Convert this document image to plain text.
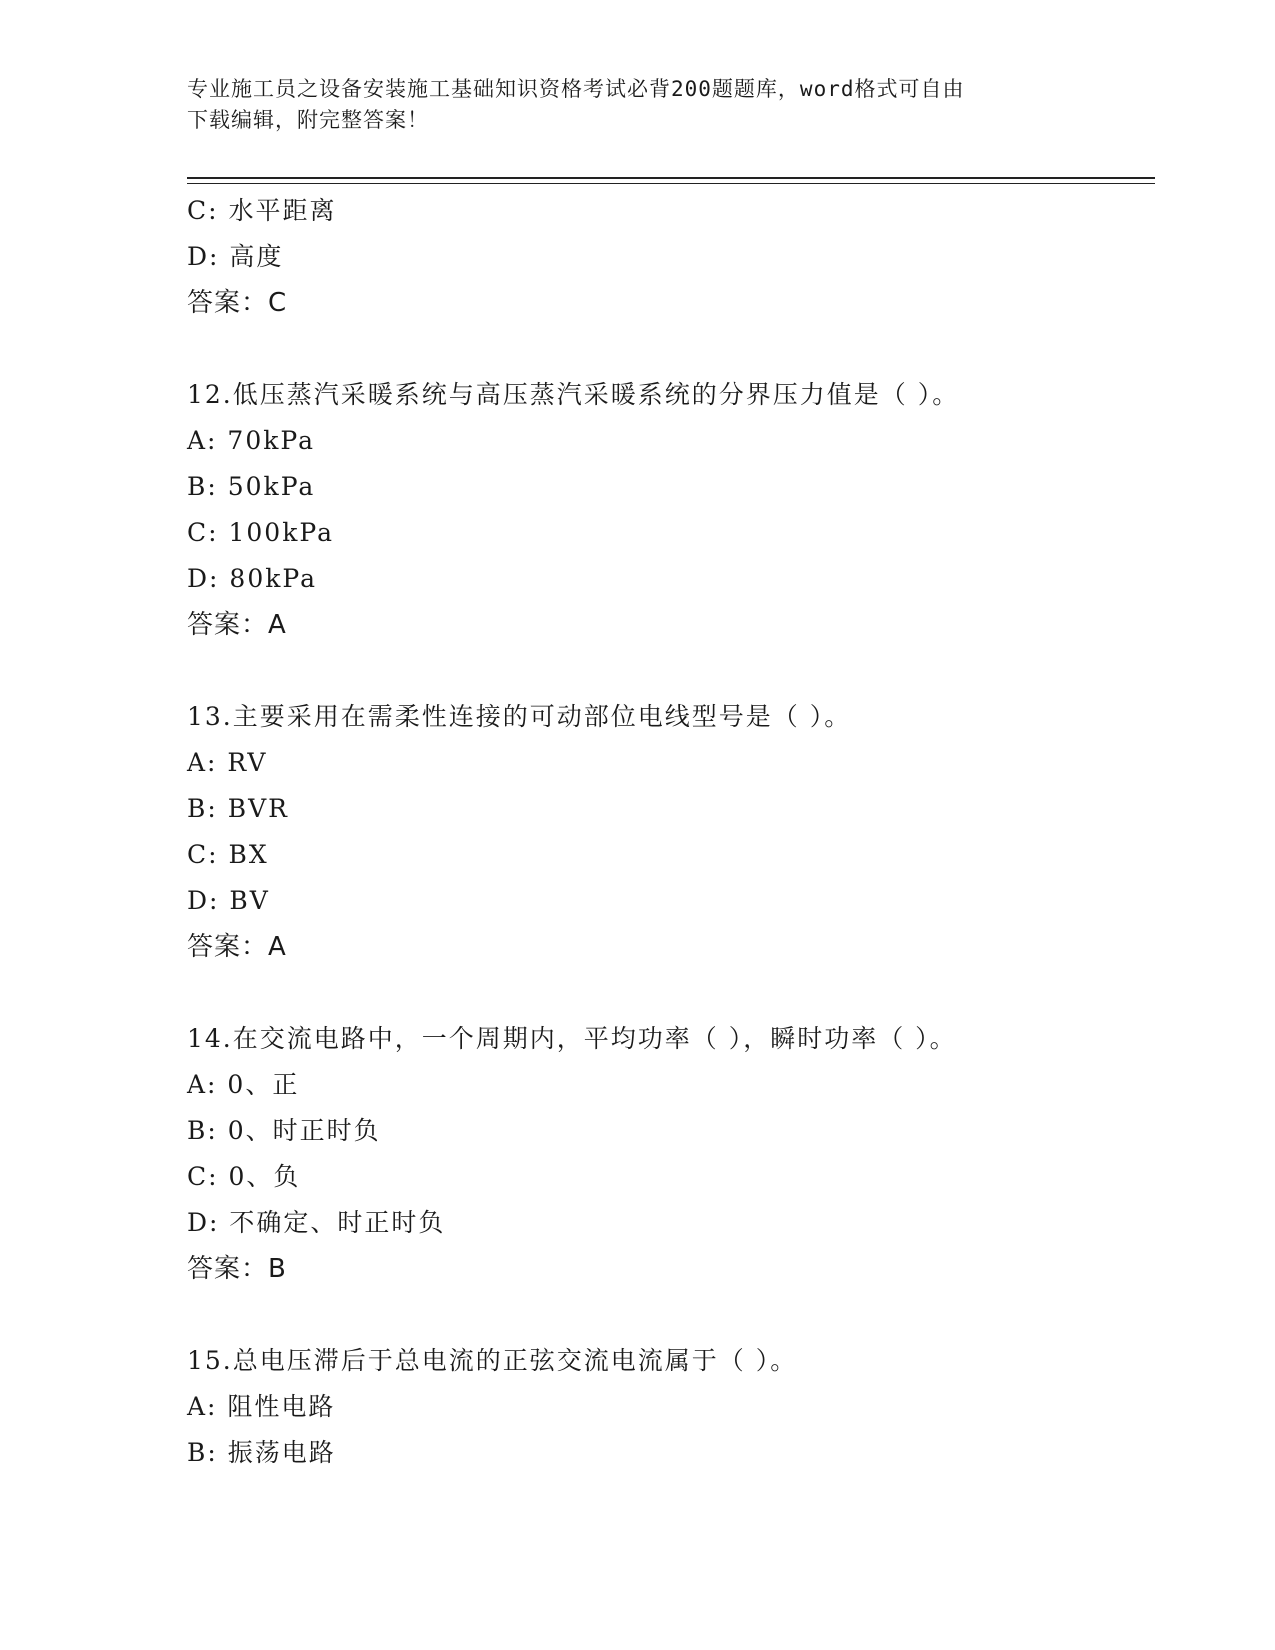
专业施工员之设备安装施工基础知识资格考试必背200题题库，word格式可自由
下载编辑，附完整答案！
C: 水平距离
D: 高度
答案：C
12.低压蒸汽采暖系统与高压蒸汽采暖系统的分界压力值是（ ）。
A: 70kPa
B: 50kPa
C: 100kPa
D: 80kPa
答案：A
13.主要采用在需柔性连接的可动部位电线型号是（ ）。
A: RV
B: BVR
C: BX
D: BV
答案：A
14.在交流电路中，一个周期内，平均功率（ ），瞬时功率（ ）。
A: 0、正
B: 0、时正时负
C: 0、负
D: 不确定、时正时负
答案：B
15.总电压滞后于总电流的正弦交流电流属于（ ）。
A: 阻性电路
B: 振荡电路
